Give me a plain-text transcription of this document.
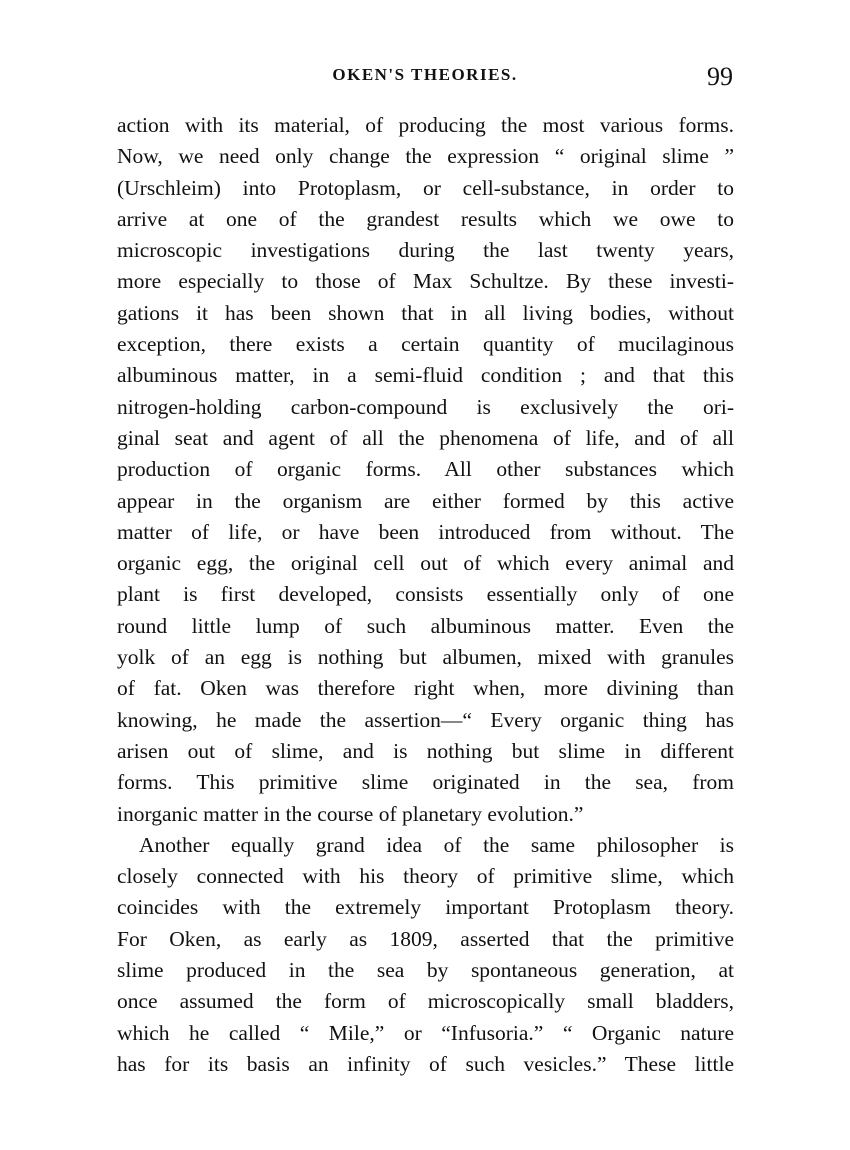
OKEN'S THEORIES.	99
action with its material, of producing the most various forms.
Now, we need only change the expression “ original slime ”
(Urschleim) into Protoplasm, or cell-substance, in order to
arrive at one of the grandest results which we owe to
microscopic investigations during the last twenty years,
more especially to those of Max Schultze. By these investi-
gations it has been shown that in all living bodies, without
exception, there exists a certain quantity of mucilaginous
albuminous matter, in a semi-fluid condition ; and that this
nitrogen-holding carbon-compound is exclusively the ori-
ginal seat and agent of all the phenomena of life, and of all
production of organic forms. All other substances which
appear in the organism are either formed by this active
matter of life, or have been introduced from without. The
organic egg, the original cell out of which every animal and
plant is first developed, consists essentially only of one
round little lump of such albuminous matter. Even the
yolk of an egg is nothing but albumen, mixed with granules
of fat. Oken was therefore right when, more divining than
knowing, he made the assertion—“ Every organic thing has
arisen out of slime, and is nothing but slime in different
forms. This primitive slime originated in the sea, from
inorganic matter in the course of planetary evolution.”
Another equally grand idea of the same philosopher is
closely connected with his theory of primitive slime, which
coincides with the extremely important Protoplasm theory.
For Oken, as early as 1809, asserted that the primitive
slime produced in the sea by spontaneous generation, at
once assumed the form of microscopically small bladders,
which he called “ Mile,” or “Infusoria.” “ Organic nature
has for its basis an infinity of such vesicles.” These little
